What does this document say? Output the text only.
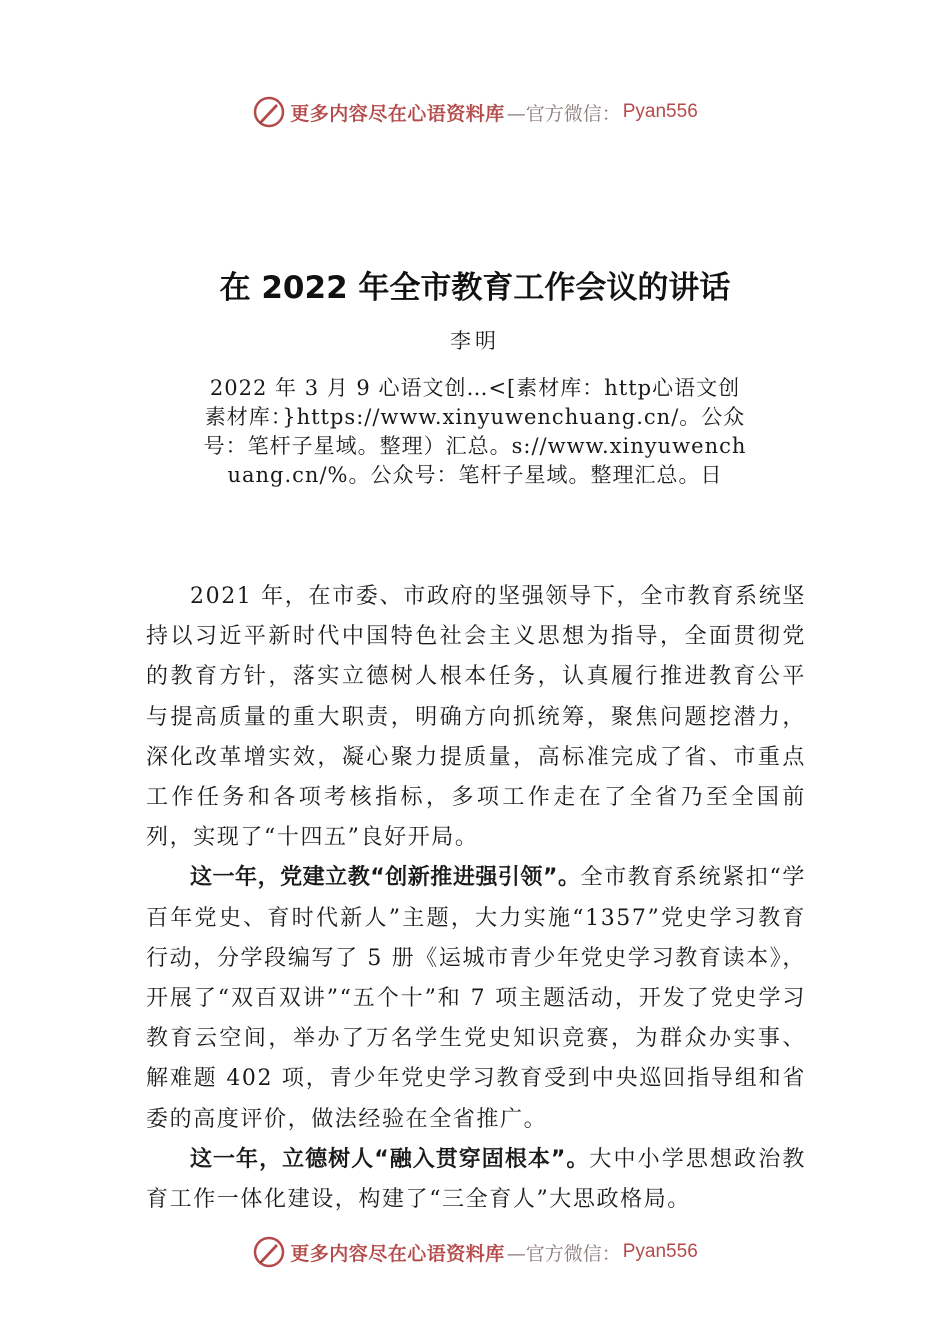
更多内容尽在心语资料库 —官方微信： Pyan556
在 2022 年全市教育工作会议的讲话
李明
2022 年 3 月 9 心语文创…<[素材库：http心语文创素材库：}https://www.xinyuwenchuang.cn/。公众号：笔杆子星域。整理）汇总。s://www.xinyuwenchuang.cn/%。公众号：笔杆子星域。整理汇总。日

2021 年，在市委、市政府的坚强领导下，全市教育系统坚持以习近平新时代中国特色社会主义思想为指导，全面贯彻党的教育方针，落实立德树人根本任务，认真履行推进教育公平与提高质量的重大职责，明确方向抓统筹，聚焦问题挖潜力，深化改革增实效，凝心聚力提质量，高标准完成了省、市重点工作任务和各项考核指标，多项工作走在了全省乃至全国前列，实现了“十四五”良好开局。

这一年，党建立教“创新推进强引领”。全市教育系统紧扣“学百年党史、育时代新人”主题，大力实施“1357”党史学习教育行动，分学段编写了 5 册《运城市青少年党史学习教育读本》，开展了“双百双讲”“五个十”和 7 项主题活动，开发了党史学习教育云空间，举办了万名学生党史知识竞赛，为群众办实事、解难题 402 项，青少年党史学习教育受到中央巡回指导组和省委的高度评价，做法经验在全省推广。

这一年，立德树人“融入贯穿固根本”。大中小学思想政治教育工作一体化建设，构建了“三全育人”大思政格局。

更多内容尽在心语资料库 —官方微信： Pyan556
